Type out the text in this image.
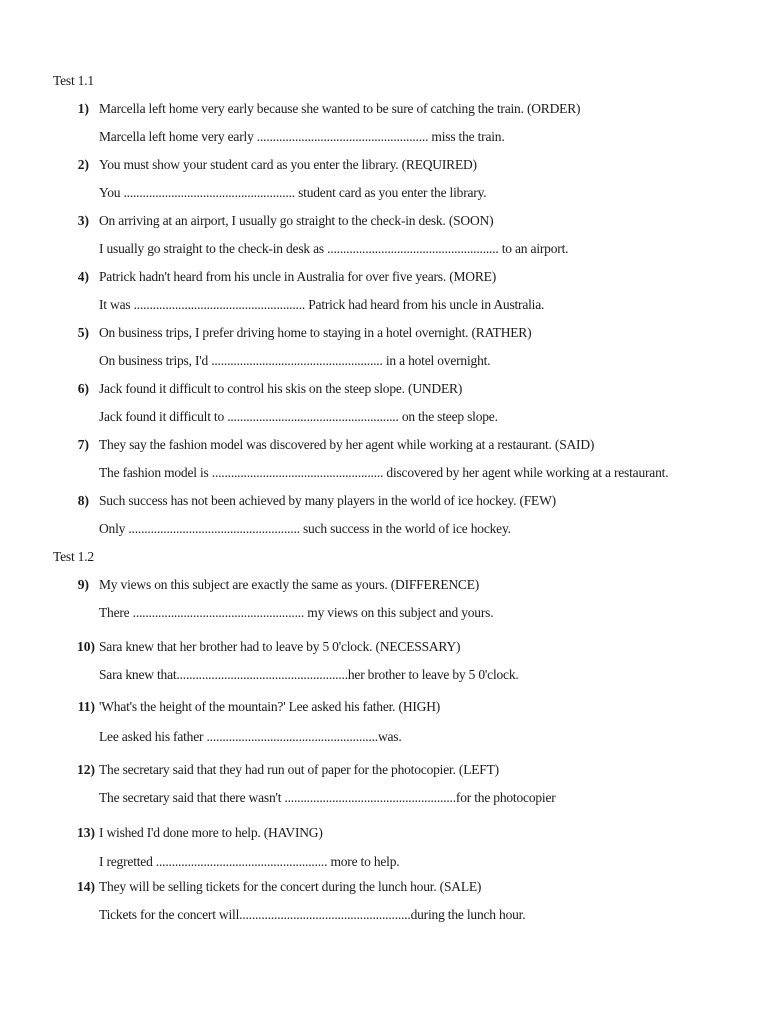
Test 1.1
1) Marcella left home very early because she wanted to be sure of catching the train. (ORDER)
Marcella left home very early ...................................................... miss the train.
2) You must show your student card as you enter the library. (REQUIRED)
You ...................................................... student card as you enter the library.
3) On arriving at an airport, I usually go straight to the check-in desk. (SOON)
I usually go straight to the check-in desk as ...................................................... to an airport.
4) Patrick hadn't heard from his uncle in Australia for over five years. (MORE)
It was ...................................................... Patrick had heard from his uncle in Australia.
5) On business trips, I prefer driving home to staying in a hotel overnight. (RATHER)
On business trips, I'd ...................................................... in a hotel overnight.
6) Jack found it difficult to control his skis on the steep slope. (UNDER)
Jack found it difficult to ...................................................... on the steep slope.
7) They say the fashion model was discovered by her agent while working at a restaurant. (SAID)
The fashion model is ...................................................... discovered by her agent while working at a restaurant.
8) Such success has not been achieved by many players in the world of ice hockey. (FEW)
Only ...................................................... such success in the world of ice hockey.
Test 1.2
9) My views on this subject are exactly the same as yours. (DIFFERENCE)
There ...................................................... my views on this subject and yours.
10) Sara knew that her brother had to leave by 5 0'clock. (NECESSARY)
Sara knew that......................................................her brother to leave by 5 0'clock.
11) 'What's the height of the mountain?' Lee asked his father. (HIGH)
Lee asked his father ......................................................was.
12) The secretary said that they had run out of paper for the photocopier. (LEFT)
The secretary said that there wasn't ......................................................for the photocopier
13) I wished I'd done more to help. (HAVING)
I regretted ...................................................... more to help.
14) They will be selling tickets for the concert during the lunch hour. (SALE)
Tickets for the concert will......................................................during the lunch hour.
